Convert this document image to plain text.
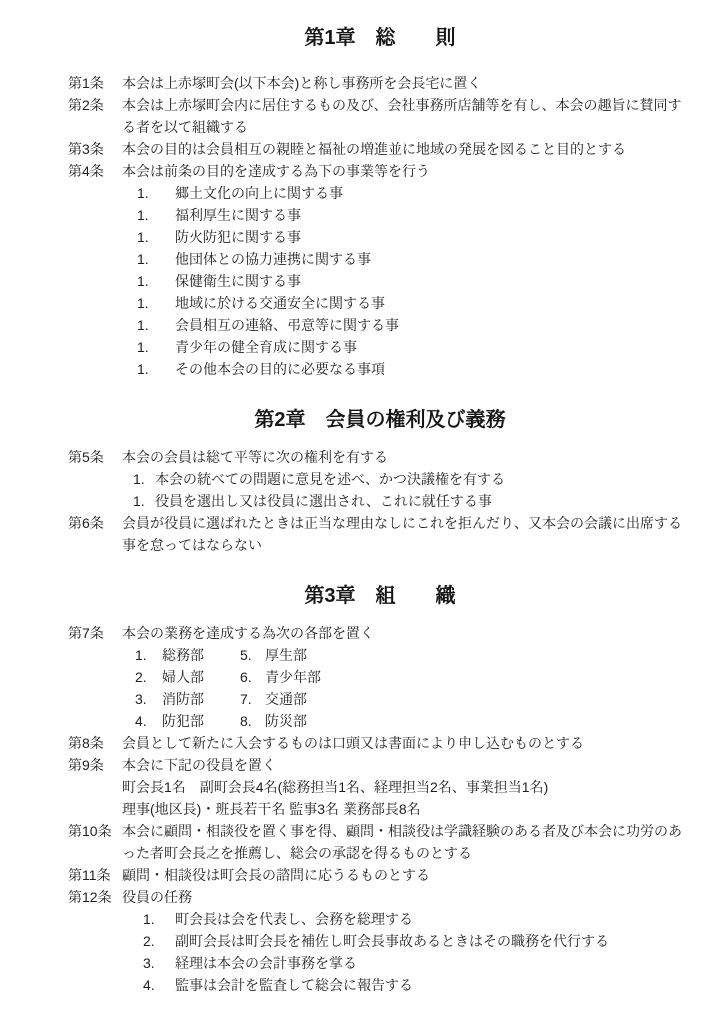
第1章　総　　則
第1条	本会は上赤塚町会(以下本会)と称し事務所を会長宅に置く
第2条	本会は上赤塚町会内に居住するもの及び、会社事務所店舗等を有し、本会の趣旨に賛同する者を以て組織する
第3条	本会の目的は会員相互の親睦と福祉の増進並に地域の発展を図ること目的とする
第4条	本会は前条の目的を達成する為下の事業等を行う
1.	郷土文化の向上に関する事
1.	福利厚生に関する事
1.	防火防犯に関する事
1.	他団体との協力連携に関する事
1.	保健衛生に関する事
1.	地域に於ける交通安全に関する事
1.	会員相互の連絡、弔意等に関する事
1.	青少年の健全育成に関する事
1.	その他本会の目的に必要なる事項
第2章　会員の権利及び義務
第5条	本会の会員は総て平等に次の権利を有する
1. 本会の統べての問題に意見を述べ、かつ決議権を有する
1. 役員を選出し又は役員に選出され、これに就任する事
第6条	会員が役員に選ばれたときは正当な理由なしにこれを拒んだり、又本会の会議に出席する事を怠ってはならない
第3章　組　　織
第7条	本会の業務を達成する為次の各部を置く
1.	総務部	5. 厚生部
2.	婦人部	6. 青少年部
3.	消防部	7. 交通部
4.	防犯部	8. 防災部
第8条	会員として新たに入会するものは口頭又は書面により申し込むものとする
第9条	本会に下記の役員を置く
町会長1名　副町会長4名(総務担当1名、経理担当2名、事業担当1名)
理事(地区長)・班長若干名 監事3名 業務部長8名
第10条 本会に顧問・相談役を置く事を得、顧問・相談役は学識経験のある者及び本会に功労のあった者町会長之を推薦し、総会の承認を得るものとする
第11条 顧問・相談役は町会長の諮問に応うるものとする
第12条 役員の任務
1.	町会長は会を代表し、会務を総理する
2.	副町会長は町会長を補佐し町会長事故あるときはその職務を代行する
3.	経理は本会の会計事務を掌る
4.	監事は会計を監査して総会に報告する
